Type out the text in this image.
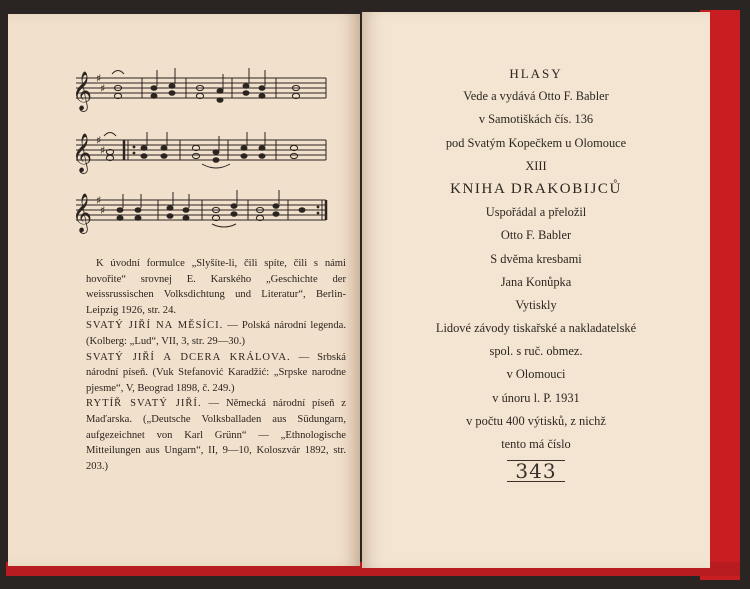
𝄞
𝄞
𝄞
♯
♯
♯
♯
♯
♯

K úvodní formulce „Slyšíte-li, čili spíte, čili s námi hovořite“ srovnej E. Karského „Geschichte der weissrussischen Volksdichtung und Literatur“, Berlin-Leipzig 1926, str. 24.

SVATÝ JIŘÍ NA MĚSÍCI. — Polská národní legenda. (Kolberg: „Lud“, VII, 3, str. 29—30.)

SVATÝ JIŘÍ A DCERA KRÁLOVA. — Srbská národní píseň. (Vuk Stefanović Karadžić: „Srpske narodne pjesme“, V, Beograd 1898, č. 249.)

RYTÍŘ SVATÝ JIŘÍ. — Německá národní píseň z Maďarska. („Deutsche Volksballaden aus Südungarn, aufgezeichnet von Karl Grünn“ — „Ethnologische Mitteilungen aus Ungarn“, II, 9—10, Koloszvár 1892, str. 203.)

HLASY
Vede a vydává Otto F. Babler
v Samotiškách čís. 136
pod Svatým Kopečkem u Olomouce
XIII
KNIHA DRAKOBIJCŮ
Uspořádal a přeložil
Otto F. Babler
S dvěma kresbami
Jana Konůpka
Vytiskly
Lidové závody tiskařské a nakladatelské
spol. s ruč. obmez.
v Olomouci
v únoru l. P. 1931
v počtu 400 výtisků, z nichž
tento má číslo
343
